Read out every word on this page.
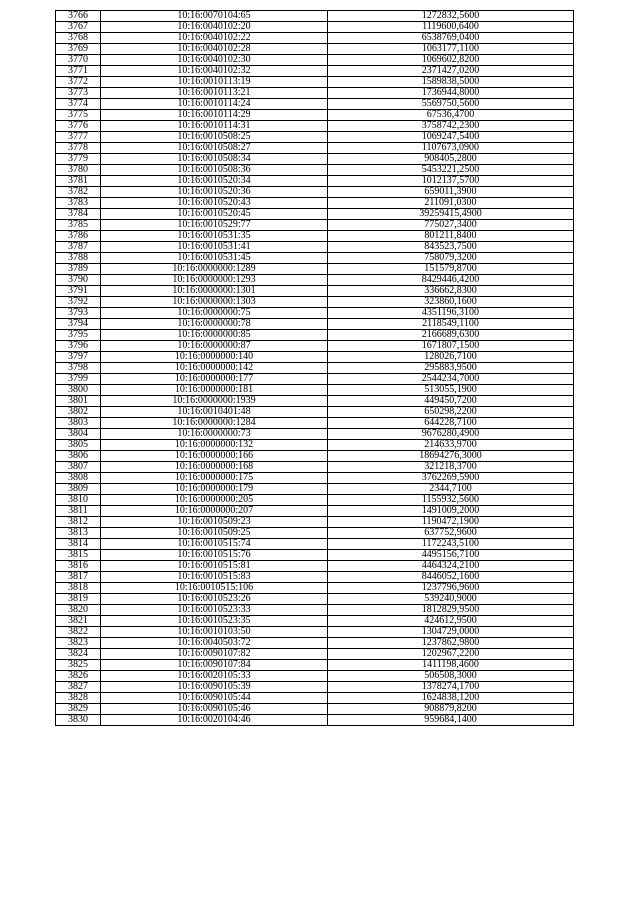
3766	10:16:0070104:65	1272832,5600
3767	10:16:0040102:20	1119600,6400
3768	10:16:0040102:22	6538769,0400
3769	10:16:0040102:28	1063177,1100
3770	10:16:0040102:30	1069602,8200
3771	10:16:0040102:32	2371427,0200
3772	10:16:0010113:19	1589838,5000
3773	10:16:0010113:21	1736944,8000
3774	10:16:0010114:24	5569750,5600
3775	10:16:0010114:29	67536,4700
3776	10:16:0010114:31	3758742,2300
3777	10:16:0010508:25	1069247,5400
3778	10:16:0010508:27	1107673,0900
3779	10:16:0010508:34	908405,2800
3780	10:16:0010508:36	5453221,2500
3781	10:16:0010520:34	1012137,5700
3782	10:16:0010520:36	659011,3900
3783	10:16:0010520:43	211091,0300
3784	10:16:0010520:45	39259415,4900
3785	10:16:0010529:77	775027,3400
3786	10:16:0010531:35	801211,8400
3787	10:16:0010531:41	843523,7500
3788	10:16:0010531:45	758079,3200
3789	10:16:0000000:1289	151579,8700
3790	10:16:0000000:1293	8429446,4200
3791	10:16:0000000:1301	336662,8300
3792	10:16:0000000:1303	323860,1600
3793	10:16:0000000:75	4351196,3100
3794	10:16:0000000:78	2118549,1100
3795	10:16:0000000:85	2166689,6300
3796	10:16:0000000:87	1671807,1500
3797	10:16:0000000:140	128026,7100
3798	10:16:0000000:142	295883,9500
3799	10:16:0000000:177	2544234,7000
3800	10:16:0000000:181	513055,1900
3801	10:16:0000000:1939	449450,7200
3802	10:16:0010401:48	650298,2200
3803	10:16:0000000:1284	644228,7100
3804	10:16:0000000:73	9676280,4900
3805	10:16:0000000:132	214633,9700
3806	10:16:0000000:166	18694276,3000
3807	10:16:0000000:168	321218,3700
3808	10:16:0000000:175	3762269,5900
3809	10:16:0000000:179	2344,7100
3810	10:16:0000000:205	1155932,5600
3811	10:16:0000000:207	1491009,2000
3812	10:16:0010509:23	1190472,1900
3813	10:16:0010509:25	637752,9600
3814	10:16:0010515:74	1172243,5100
3815	10:16:0010515:76	4495156,7100
3816	10:16:0010515:81	4464324,2100
3817	10:16:0010515:83	8446052,1600
3818	10:16:0010515:106	1237796,9600
3819	10:16:0010523:26	539240,9000
3820	10:16:0010523:33	1812829,9500
3821	10:16:0010523:35	424612,9500
3822	10:16:0010103:50	1304729,0000
3823	10:16:0040503:72	1237862,9800
3824	10:16:0090107:82	1202967,2200
3825	10:16:0090107:84	1411198,4600
3826	10:16:0020105:33	506508,3000
3827	10:16:0090105:39	1378274,1700
3828	10:16:0090105:44	1624838,1200
3829	10:16:0090105:46	908879,8200
3830	10:16:0020104:46	959684,1400
